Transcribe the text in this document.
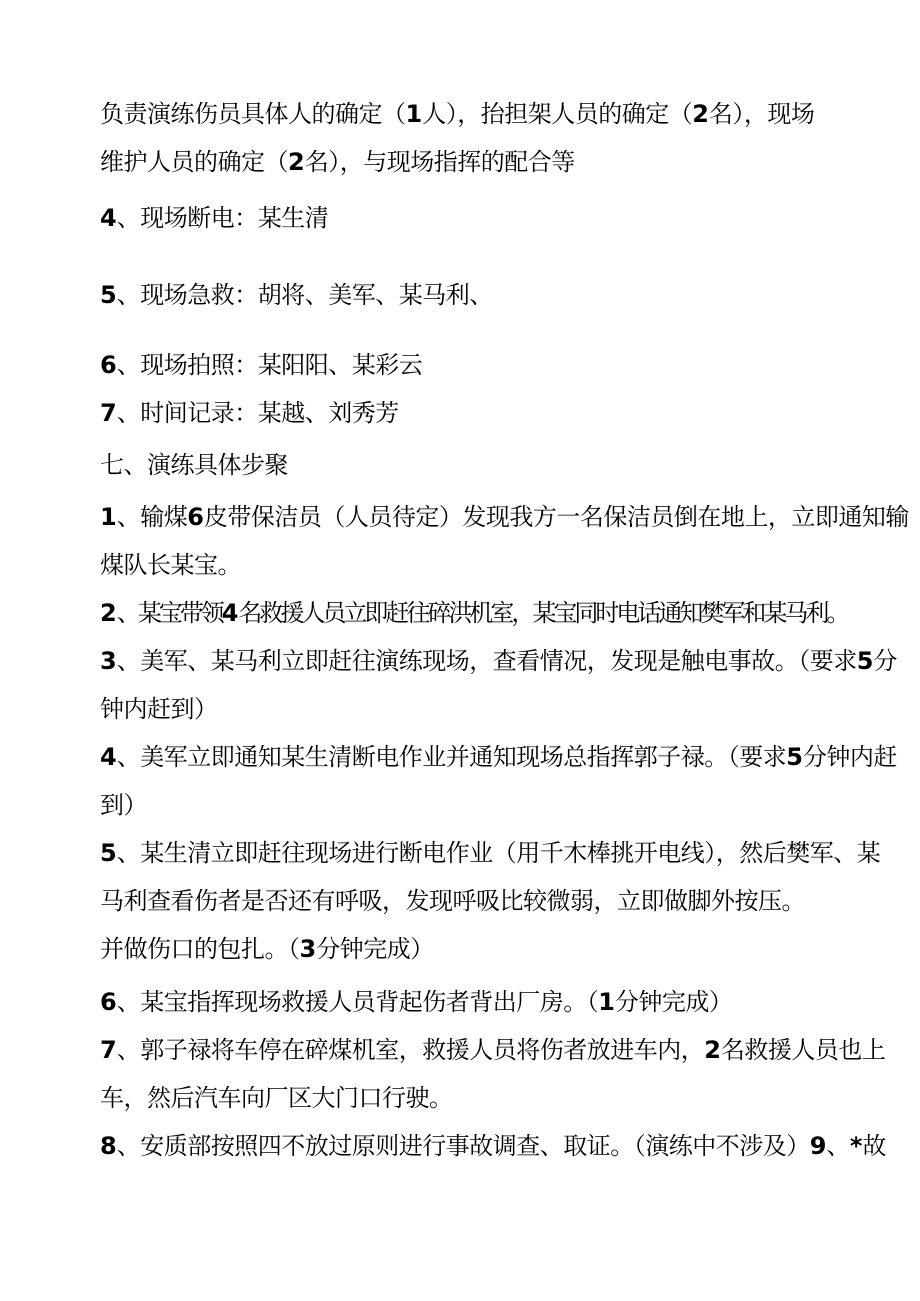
负责演练伤员具体人的确定（1人），抬担架人员的确定（2名），现场
维护人员的确定（2名），与现场指挥的配合等
4、现场断电：某生清
5、现场急救：胡将、美军、某马利、
6、现场拍照：某阳阳、某彩云
7、时间记录：某越、刘秀芳
七、演练具体步聚
1、输煤6皮带保洁员（人员待定）发现我方一名保洁员倒在地上，立即通知输
煤队长某宝。
2、某宝带领4名救援人员立即赶往碎洪机室，某宝同时电话通知樊军和某马利。
3、美军、某马利立即赶往演练现场，查看情况，发现是触电事故。（要求5分
钟内赶到）
4、美军立即通知某生清断电作业并通知现场总指挥郭子禄。（要求5分钟内赶
到）
5、某生清立即赶往现场进行断电作业（用千木棒挑开电线），然后樊军、某
马利查看伤者是否还有呼吸，发现呼吸比较微弱，立即做脚外按压。
并做伤口的包扎。（3分钟完成）
6、某宝指挥现场救援人员背起伤者背出厂房。（1分钟完成）
7、郭子禄将车停在碎煤机室，救援人员将伤者放进车内，2名救援人员也上
车，然后汽车向厂区大门口行驶。
8、安质部按照四不放过原则进行事故调查、取证。（演练中不涉及）9、*故
